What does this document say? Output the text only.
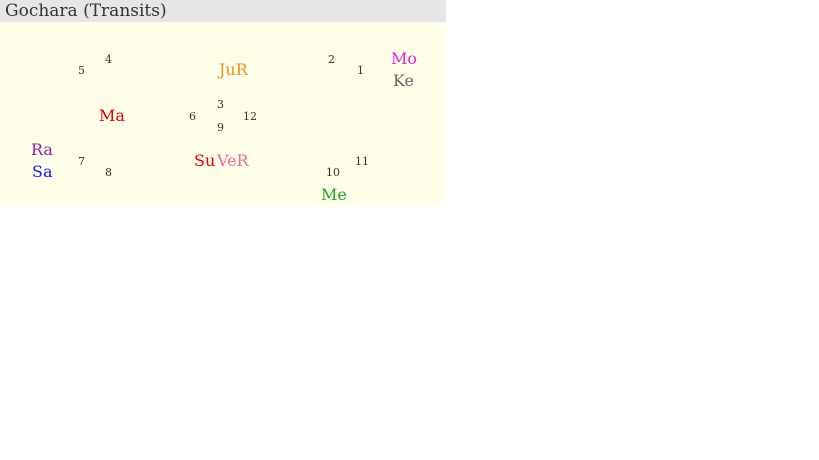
Gochara (Transits)
4
5
2
1
3
6	12
9
7
8
11
10
Mo
Ke
JuR
Ma
Ra
Sa
Su VeR
Me
